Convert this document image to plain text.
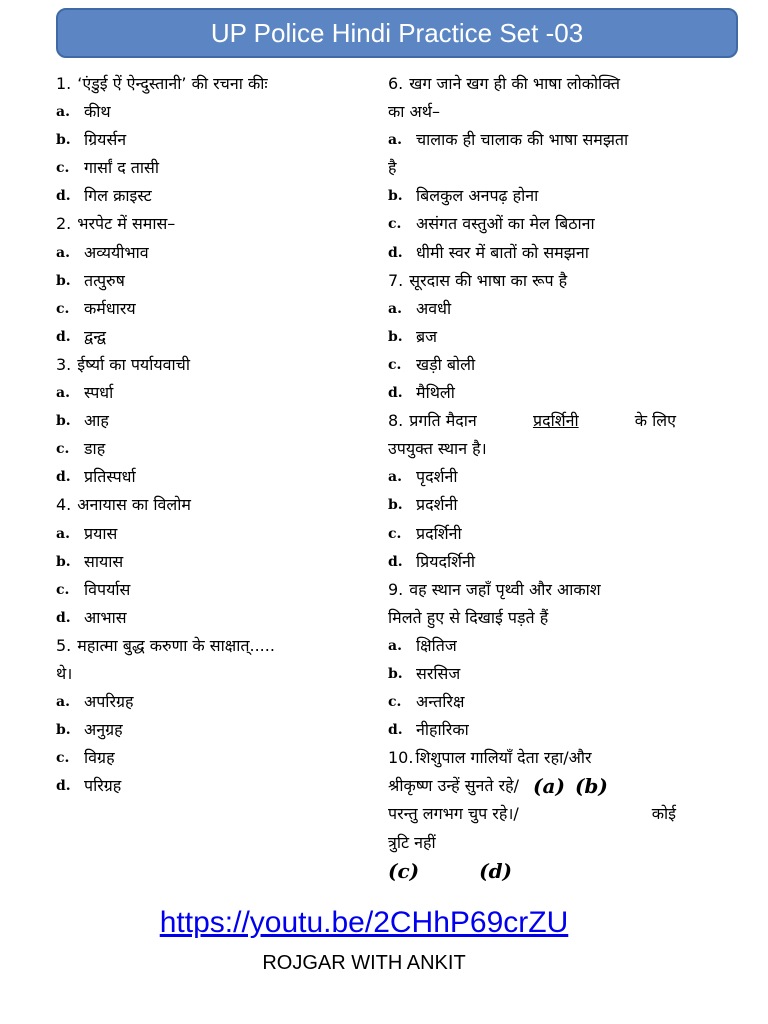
UP Police Hindi Practice Set -03
1. ‘एंडुई ऐं ऐन्दुस्तानी’ की रचना कीः
a. कीथ
b. ग्रियर्सन
c. गार्सां द तासी
d. गिल क्राइस्ट
2. भरपेट में समास–
a. अव्ययीभाव
b. तत्पुरुष
c. कर्मधारय
d. द्वन्द्व
3. ईर्ष्या का पर्यायवाची
a. स्पर्धा
b. आह
c. डाह
d. प्रतिस्पर्धा
4. अनायास का विलोम
a. प्रयास
b. सायास
c. विपर्यास
d. आभास
5. महात्मा बुद्ध करुणा के साक्षात्.....
थे।
a. अपरिग्रह
b. अनुग्रह
c. विग्रह
d. परिग्रह
6. खग जाने खग ही की भाषा लोकोक्ति
का अर्थ–
a. चालाक ही चालाक की भाषा समझता
है
b. बिलकुल अनपढ़ होना
c. असंगत वस्तुओं का मेल बिठाना
d. धीमी स्वर में बातों को समझना
7. सूरदास की भाषा का रूप है
a. अवधी
b. ब्रज
c. खड़ी बोली
d. मैथिली
8. प्रगति मैदान	प्रदर्शिनी	के लिए
उपयुक्त स्थान है।
a. पृदर्शनी
b. प्रदर्शनी
c. प्रदर्शिनी
d. प्रियदर्शिनी
9. वह स्थान जहाँ पृथ्वी और आकाश
मिलते हुए से दिखाई पड़ते हैं
a. क्षितिज
b. सरसिज
c. अन्तरिक्ष
d. नीहारिका
10. शिशुपाल गालियाँ देता रहा/और
श्रीकृष्ण उन्हें सुनते रहे/ (a) (b)
परन्तु लगभग चुप रहे।/	कोई
त्रुटि नहीं
(c)	(d)
https://youtu.be/2CHhP69crZU
ROJGAR WITH ANKIT
